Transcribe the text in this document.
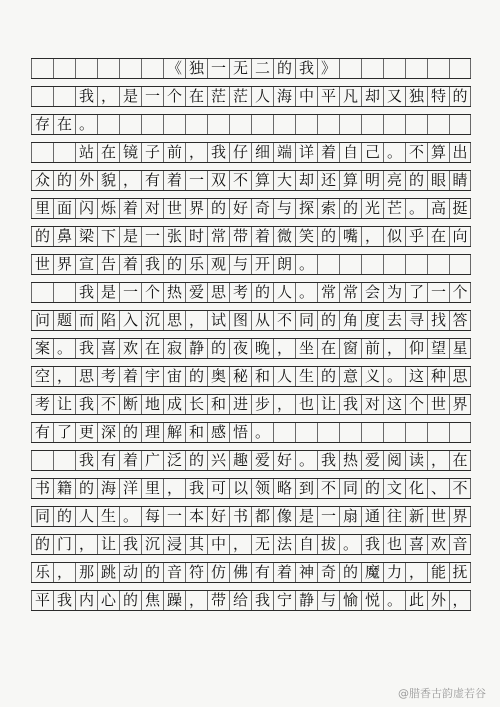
《 独 一 无 二 的 我 》
我 ， 是 一 个 在 茫 茫 人 海 中 平 凡 却 又 独 特 的
存 在 。
站 在 镜 子 前 ， 我 仔 细 端 详 着 自 己 。 不 算 出
众 的 外 貌 ， 有 着 一 双 不 算 大 却 还 算 明 亮 的 眼 睛
里 面 闪 烁 着 对 世 界 的 好 奇 与 探 索 的 光 芒 。 高 挺
的 鼻 梁 下 是 一 张 时 常 带 着 微 笑 的 嘴 ， 似 乎 在 向
世 界 宣 告 着 我 的 乐 观 与 开 朗 。
我 是 一 个 热 爱 思 考 的 人 。 常 常 会 为 了 一 个
问 题 而 陷 入 沉 思 ， 试 图 从 不 同 的 角 度 去 寻 找 答
案 。 我 喜 欢 在 寂 静 的 夜 晚 ， 坐 在 窗 前 ， 仰 望 星
空 ， 思 考 着 宇 宙 的 奥 秘 和 人 生 的 意 义 。 这 种 思
考 让 我 不 断 地 成 长 和 进 步 ， 也 让 我 对 这 个 世 界
有 了 更 深 的 理 解 和 感 悟 。
我 有 着 广 泛 的 兴 趣 爱 好 。 我 热 爱 阅 读 ， 在
书 籍 的 海 洋 里 ， 我 可 以 领 略 到 不 同 的 文 化 、 不
同 的 人 生 。 每 一 本 好 书 都 像 是 一 扇 通 往 新 世 界
的 门 ， 让 我 沉 浸 其 中 ， 无 法 自 拔 。 我 也 喜 欢 音
乐 ， 那 跳 动 的 音 符 仿 佛 有 着 神 奇 的 魔 力 ， 能 抚
平 我 内 心 的 焦 躁 ， 带 给 我 宁 静 与 愉 悦 。 此 外 ，
@腊香古韵虚若谷
